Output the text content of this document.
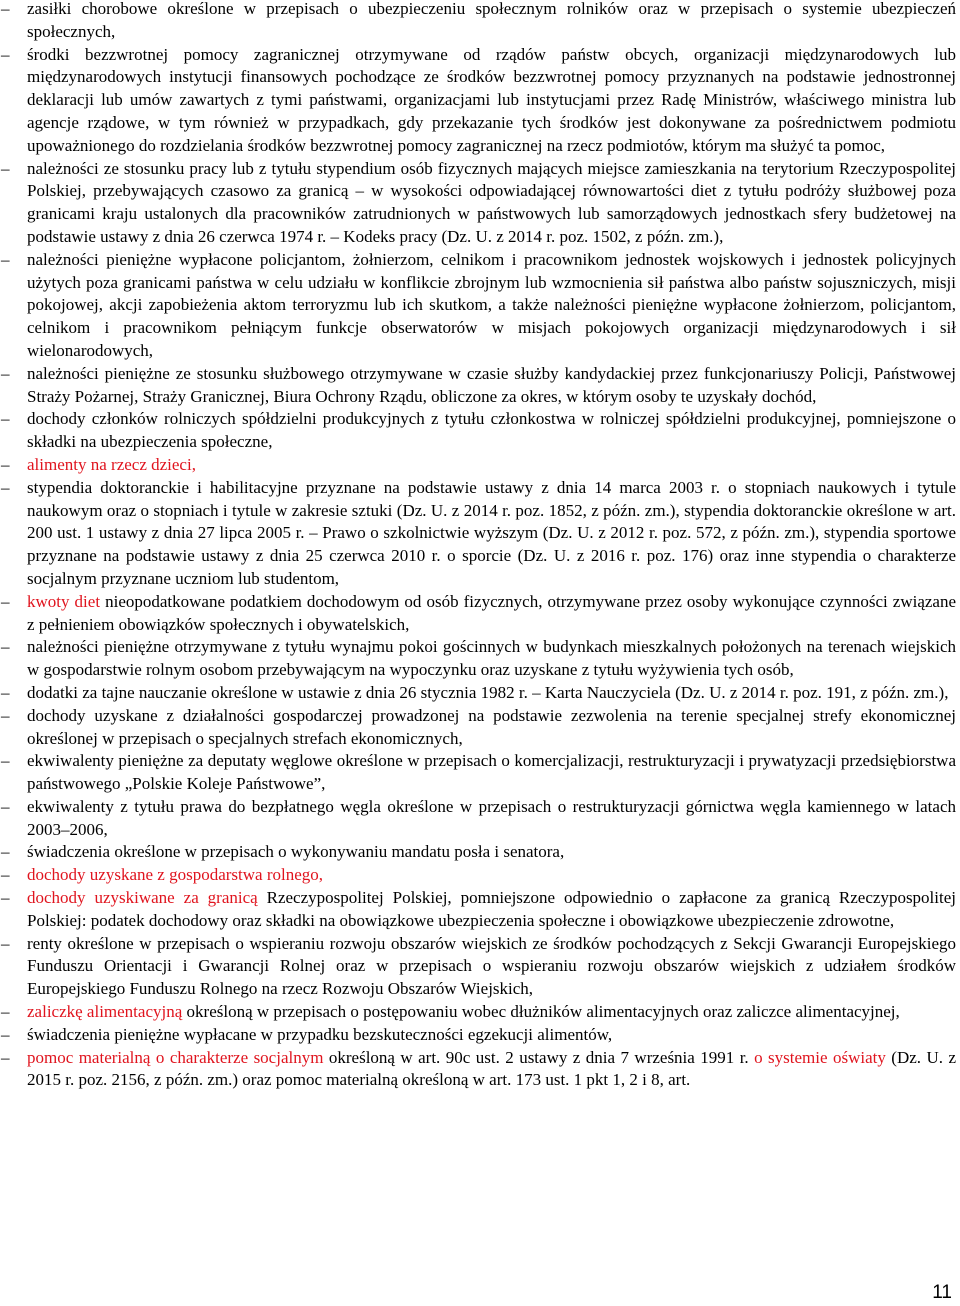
– zasiłki chorobowe określone w przepisach o ubezpieczeniu społecznym rolników oraz w przepisach o systemie ubezpieczeń społecznych,
– środki bezzwrotnej pomocy zagranicznej otrzymywane od rządów państw obcych, organizacji międzynarodowych lub międzynarodowych instytucji finansowych pochodzące ze środków bezzwrotnej pomocy przyznanych na podstawie jednostronnej deklaracji lub umów zawartych z tymi państwami, organizacjami lub instytucjami przez Radę Ministrów, właściwego ministra lub agencje rządowe, w tym również w przypadkach, gdy przekazanie tych środków jest dokonywane za pośrednictwem podmiotu upoważnionego do rozdzielania środków bezzwrotnej pomocy zagranicznej na rzecz podmiotów, którym ma służyć ta pomoc,
– należności ze stosunku pracy lub z tytułu stypendium osób fizycznych mających miejsce zamieszkania na terytorium Rzeczypospolitej Polskiej, przebywających czasowo za granicą – w wysokości odpowiadającej równowartości diet z tytułu podróży służbowej poza granicami kraju ustalonych dla pracowników zatrudnionych w państwowych lub samorządowych jednostkach sfery budżetowej na podstawie ustawy z dnia 26 czerwca 1974 r. – Kodeks pracy (Dz. U. z 2014 r. poz. 1502, z późn. zm.),
– należności pieniężne wypłacone policjantom, żołnierzom, celnikom i pracownikom jednostek wojskowych i jednostek policyjnych użytych poza granicami państwa w celu udziału w konflikcie zbrojnym lub wzmocnienia sił państwa albo państw sojuszniczych, misji pokojowej, akcji zapobieżenia aktom terroryzmu lub ich skutkom, a także należności pieniężne wypłacone żołnierzom, policjantom, celnikom i pracownikom pełniącym funkcje obserwatorów w misjach pokojowych organizacji międzynarodowych i sił wielonarodowych,
– należności pieniężne ze stosunku służbowego otrzymywane w czasie służby kandydackiej przez funkcjonariuszy Policji, Państwowej Straży Pożarnej, Straży Granicznej, Biura Ochrony Rządu, obliczone za okres, w którym osoby te uzyskały dochód,
– dochody członków rolniczych spółdzielni produkcyjnych z tytułu członkostwa w rolniczej spółdzielni produkcyjnej, pomniejszone o składki na ubezpieczenia społeczne,
– alimenty na rzecz dzieci,
– stypendia doktoranckie i habilitacyjne przyznane na podstawie ustawy z dnia 14 marca 2003 r. o stopniach naukowych i tytule naukowym oraz o stopniach i tytule w zakresie sztuki (Dz. U. z 2014 r. poz. 1852, z późn. zm.), stypendia doktoranckie określone w art. 200 ust. 1 ustawy z dnia 27 lipca 2005 r. – Prawo o szkolnictwie wyższym (Dz. U. z 2012 r. poz. 572, z późn. zm.), stypendia sportowe przyznane na podstawie ustawy z dnia 25 czerwca 2010 r. o sporcie (Dz. U. z 2016 r. poz. 176) oraz inne stypendia o charakterze socjalnym przyznane uczniom lub studentom,
– kwoty diet nieopodatkowane podatkiem dochodowym od osób fizycznych, otrzymywane przez osoby wykonujące czynności związane z pełnieniem obowiązków społecznych i obywatelskich,
– należności pieniężne otrzymywane z tytułu wynajmu pokoi gościnnych w budynkach mieszkalnych położonych na terenach wiejskich w gospodarstwie rolnym osobom przebywającym na wypoczynku oraz uzyskane z tytułu wyżywienia tych osób,
– dodatki za tajne nauczanie określone w ustawie z dnia 26 stycznia 1982 r. – Karta Nauczyciela (Dz. U. z 2014 r. poz. 191, z późn. zm.),
– dochody uzyskane z działalności gospodarczej prowadzonej na podstawie zezwolenia na terenie specjalnej strefy ekonomicznej określonej w przepisach o specjalnych strefach ekonomicznych,
– ekwiwalenty pieniężne za deputaty węglowe określone w przepisach o komercjalizacji, restrukturyzacji i prywatyzacji przedsiębiorstwa państwowego „Polskie Koleje Państwowe”,
– ekwiwalenty z tytułu prawa do bezpłatnego węgla określone w przepisach o restrukturyzacji górnictwa węgla kamiennego w latach 2003–2006,
– świadczenia określone w przepisach o wykonywaniu mandatu posła i senatora,
– dochody uzyskane z gospodarstwa rolnego,
– dochody uzyskiwane za granicą Rzeczypospolitej Polskiej, pomniejszone odpowiednio o zapłacone za granicą Rzeczypospolitej Polskiej: podatek dochodowy oraz składki na obowiązkowe ubezpieczenia społeczne i obowiązkowe ubezpieczenie zdrowotne,
– renty określone w przepisach o wspieraniu rozwoju obszarów wiejskich ze środków pochodzących z Sekcji Gwarancji Europejskiego Funduszu Orientacji i Gwarancji Rolnej oraz w przepisach o wspieraniu rozwoju obszarów wiejskich z udziałem środków Europejskiego Funduszu Rolnego na rzecz Rozwoju Obszarów Wiejskich,
– zaliczkę alimentacyjną określoną w przepisach o postępowaniu wobec dłużników alimentacyjnych oraz zaliczce alimentacyjnej,
– świadczenia pieniężne wypłacane w przypadku bezskuteczności egzekucji alimentów,
– pomoc materialną o charakterze socjalnym określoną w art. 90c ust. 2 ustawy z dnia 7 września 1991 r. o systemie oświaty (Dz. U. z 2015 r. poz. 2156, z późn. zm.) oraz pomoc materialną określoną w art. 173 ust. 1 pkt 1, 2 i 8, art.
11
